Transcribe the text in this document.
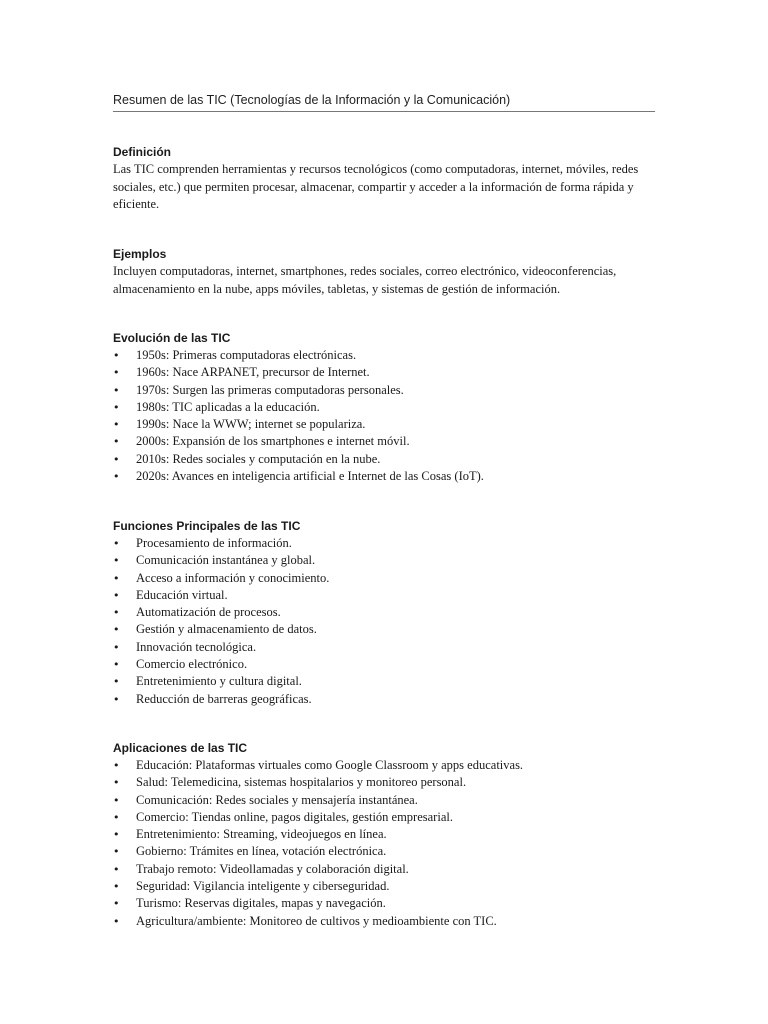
Resumen de las TIC (Tecnologías de la Información y la Comunicación)

Definición

Las TIC comprenden herramientas y recursos tecnológicos (como computadoras, internet, móviles, redes sociales, etc.) que permiten procesar, almacenar, compartir y acceder a la información de forma rápida y eficiente.

Ejemplos

Incluyen computadoras, internet, smartphones, redes sociales, correo electrónico, videoconferencias, almacenamiento en la nube, apps móviles, tabletas, y sistemas de gestión de información.

Evolución de las TIC

• 1950s: Primeras computadoras electrónicas.
• 1960s: Nace ARPANET, precursor de Internet.
• 1970s: Surgen las primeras computadoras personales.
• 1980s: TIC aplicadas a la educación.
• 1990s: Nace la WWW; internet se populariza.
• 2000s: Expansión de los smartphones e internet móvil.
• 2010s: Redes sociales y computación en la nube.
• 2020s: Avances en inteligencia artificial e Internet de las Cosas (IoT).

Funciones Principales de las TIC

• Procesamiento de información.
• Comunicación instantánea y global.
• Acceso a información y conocimiento.
• Educación virtual.
• Automatización de procesos.
• Gestión y almacenamiento de datos.
• Innovación tecnológica.
• Comercio electrónico.
• Entretenimiento y cultura digital.
• Reducción de barreras geográficas.

Aplicaciones de las TIC

• Educación: Plataformas virtuales como Google Classroom y apps educativas.
• Salud: Telemedicina, sistemas hospitalarios y monitoreo personal.
• Comunicación: Redes sociales y mensajería instantánea.
• Comercio: Tiendas online, pagos digitales, gestión empresarial.
• Entretenimiento: Streaming, videojuegos en línea.
• Gobierno: Trámites en línea, votación electrónica.
• Trabajo remoto: Videollamadas y colaboración digital.
• Seguridad: Vigilancia inteligente y ciberseguridad.
• Turismo: Reservas digitales, mapas y navegación.
• Agricultura/ambiente: Monitoreo de cultivos y medioambiente con TIC.
